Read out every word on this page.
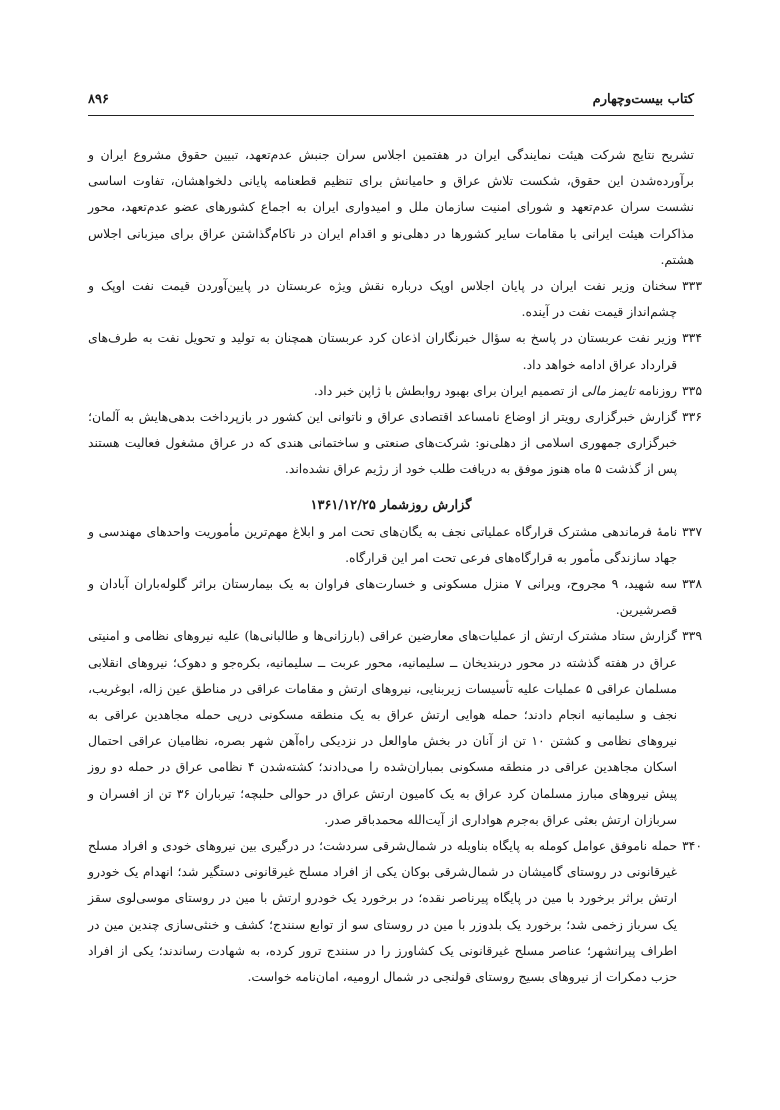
کتاب بیست‌وچهارم
۸۹۶

تشریح نتایج شرکت هیئت نمایندگی ایران در هفتمین اجلاس سران جنبش عدم‌تعهد، تبیین حقوق مشروع ایران و برآورده‌شدن این حقوق، شکست تلاش عراق و حامیانش برای تنظیم قطعنامه پایانی دلخواهشان، تفاوت اساسی نشست سران عدم‌تعهد و شورای امنیت سازمان ملل و امیدواری ایران به اجماع کشورهای عضو عدم‌تعهد، محور مذاکرات هیئت ایرانی با مقامات سایر کشورها در دهلی‌نو و اقدام ایران در ناکام‌گذاشتن عراق برای میزبانی اجلاس هشتم.

۳۳۳
سخنان وزیر نفت ایران در پایان اجلاس اوپک درباره نقش ویژه عربستان در پایین‌آوردن قیمت نفت اوپک و چشم‌انداز قیمت نفت در آینده.
۳۳۴
وزیر نفت عربستان در پاسخ به سؤال خبرنگاران اذعان کرد عربستان همچنان به تولید و تحویل نفت به طرف‌های قرارداد عراق ادامه خواهد داد.
۳۳۵
روزنامه تایمز مالی از تصمیم ایران برای بهبود روابطش با ژاپن خبر داد.
۳۳۶
گزارش خبرگزاری رویتر از اوضاع نامساعد اقتصادی عراق و ناتوانی این کشور در بازپرداخت بدهی‌هایش به آلمان؛ خبرگزاری جمهوری اسلامی از دهلی‌نو: شرکت‌های صنعتی و ساختمانی هندی که در عراق مشغول فعالیت هستند پس از گذشت ۵ ماه هنوز موفق به دریافت طلب خود از رژیم عراق نشده‌اند.
گزارش روزشمار ۱۳۶۱/۱۲/۲۵
۳۳۷
نامهٔ فرماندهی مشترک قرارگاه عملیاتی نجف به یگان‌های تحت امر و ابلاغ مهم‌ترین مأموریت واحدهای مهندسی و جهاد سازندگی مأمور به قرارگاه‌های فرعی تحت امر این قرارگاه.
۳۳۸
سه شهید، ۹ مجروح، ویرانی ۷ منزل مسکونی و خسارت‌های فراوان به یک بیمارستان براثر گلوله‌باران آبادان و قصرشیرین.
۳۳۹
گزارش ستاد مشترک ارتش از عملیات‌های معارضین عراقی (بارزانی‌ها و طالبانی‌ها) علیه نیروهای نظامی و امنیتی عراق در هفته گذشته در محور دربندیخان ــ سلیمانیه، محور عربت ــ سلیمانیه، بکره‌جو و دهوک؛ نیروهای انقلابی مسلمان عراقی ۵ عملیات علیه تأسیسات زیربنایی، نیروهای ارتش و مقامات عراقی در مناطق عین زاله، ابوغریب، نجف و سلیمانیه انجام دادند؛ حمله هوایی ارتش عراق به یک منطقه مسکونی درپی حمله مجاهدین عراقی به نیروهای نظامی و کشتن ۱۰ تن از آنان در بخش ماوالعل در نزدیکی راه‌آهن شهر بصره، نظامیان عراقی احتمال اسکان مجاهدین عراقی در منطقه مسکونی بمباران‌شده را می‌دادند؛ کشته‌شدن ۴ نظامی عراق در حمله دو روز پیش نیروهای مبارز مسلمان کرد عراق به یک کامیون ارتش عراق در حوالی حلبچه؛ تیرباران ۳۶ تن از افسران و سربازان ارتش بعثی عراق به‌جرم هواداری از آیت‌الله محمدباقر صدر.
۳۴۰
حمله ناموفق عوامل کومله به پایگاه بناویله در شمال‌شرقی سردشت؛ در درگیری بین نیروهای خودی و افراد مسلح غیرقانونی در روستای گامیشان در شمال‌شرقی بوکان یکی از افراد مسلح غیرقانونی دستگیر شد؛ انهدام یک خودرو ارتش براثر برخورد با مین در پایگاه پیرناصر نقده؛ در برخورد یک خودرو ارتش با مین در روستای موسی‌لوی سقز یک سرباز زخمی شد؛ برخورد یک بلدوزر با مین در روستای سو از توابع سنندج؛ کشف و خنثی‌سازی چندین مین در اطراف پیرانشهر؛ عناصر مسلح غیرقانونی یک کشاورز را در سنندج ترور کرده، به شهادت رساندند؛ یکی از افراد حزب دمکرات از نیروهای بسیج روستای قولنجی در شمال ارومیه، امان‌نامه خواست.
